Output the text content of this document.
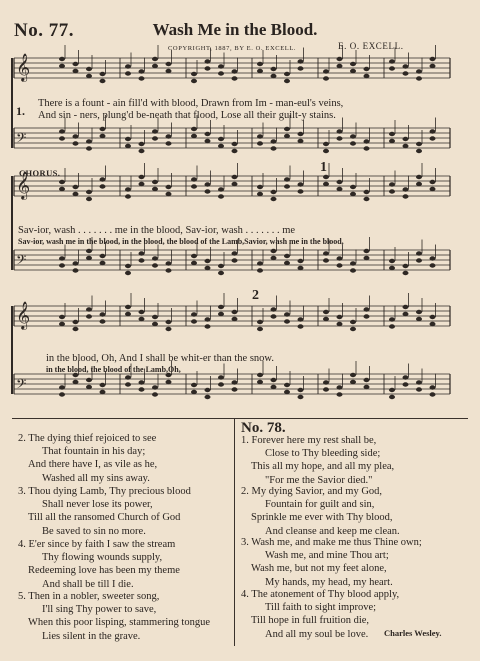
No. 77.	Wash Me in the Blood.
COPYRIGHT, 1887, BY E. O. EXCELL.	E. O. EXCELL.
𝄞
𝄢
𝄞
𝄢
𝄞
𝄢
1.
There is a fount - ain fill'd with blood, Drawn from Im - man-eul's veins,
And sin - ners, plung'd be-neath that flood, Lose all their guilt-y stains.
CHORUS.
Sav-ior, wash . . . . . . . me in the blood, Sav-ior, wash . . . . . . . me
Sav-ior, wash me in the blood, in the blood, the blood of the Lamb,Savior, wash me in the blood,
in the blood, Oh, And I shall be whit-er than the snow.
in the blood, the blood of the Lamb,Oh,
1
2
2. The dying thief rejoiced to see
That fountain in his day;
And there have I, as vile as he,
Washed all my sins away.
3. Thou dying Lamb, Thy precious blood
Shall never lose its power,
Till all the ransomed Church of God
Be saved to sin no more.
4. E'er since by faith I saw the stream
Thy flowing wounds supply,
Redeeming love has been my theme
And shall be till I die.
5. Then in a nobler, sweeter song,
I'll sing Thy power to save,
When this poor lisping, stammering tongue
Lies silent in the grave.
No. 78.
1. Forever here my rest shall be,
Close to Thy bleeding side;
This all my hope, and all my plea,
"For me the Savior died."
2. My dying Savior, and my God,
Fountain for guilt and sin,
Sprinkle me ever with Thy blood,
And cleanse and keep me clean.
3. Wash me, and make me thus Thine own;
Wash me, and mine Thou art;
Wash me, but not my feet alone,
My hands, my head, my heart.
4. The atonement of Thy blood apply,
Till faith to sight improve;
Till hope in full fruition die,
And all my soul be love.	Charles Wesley.
